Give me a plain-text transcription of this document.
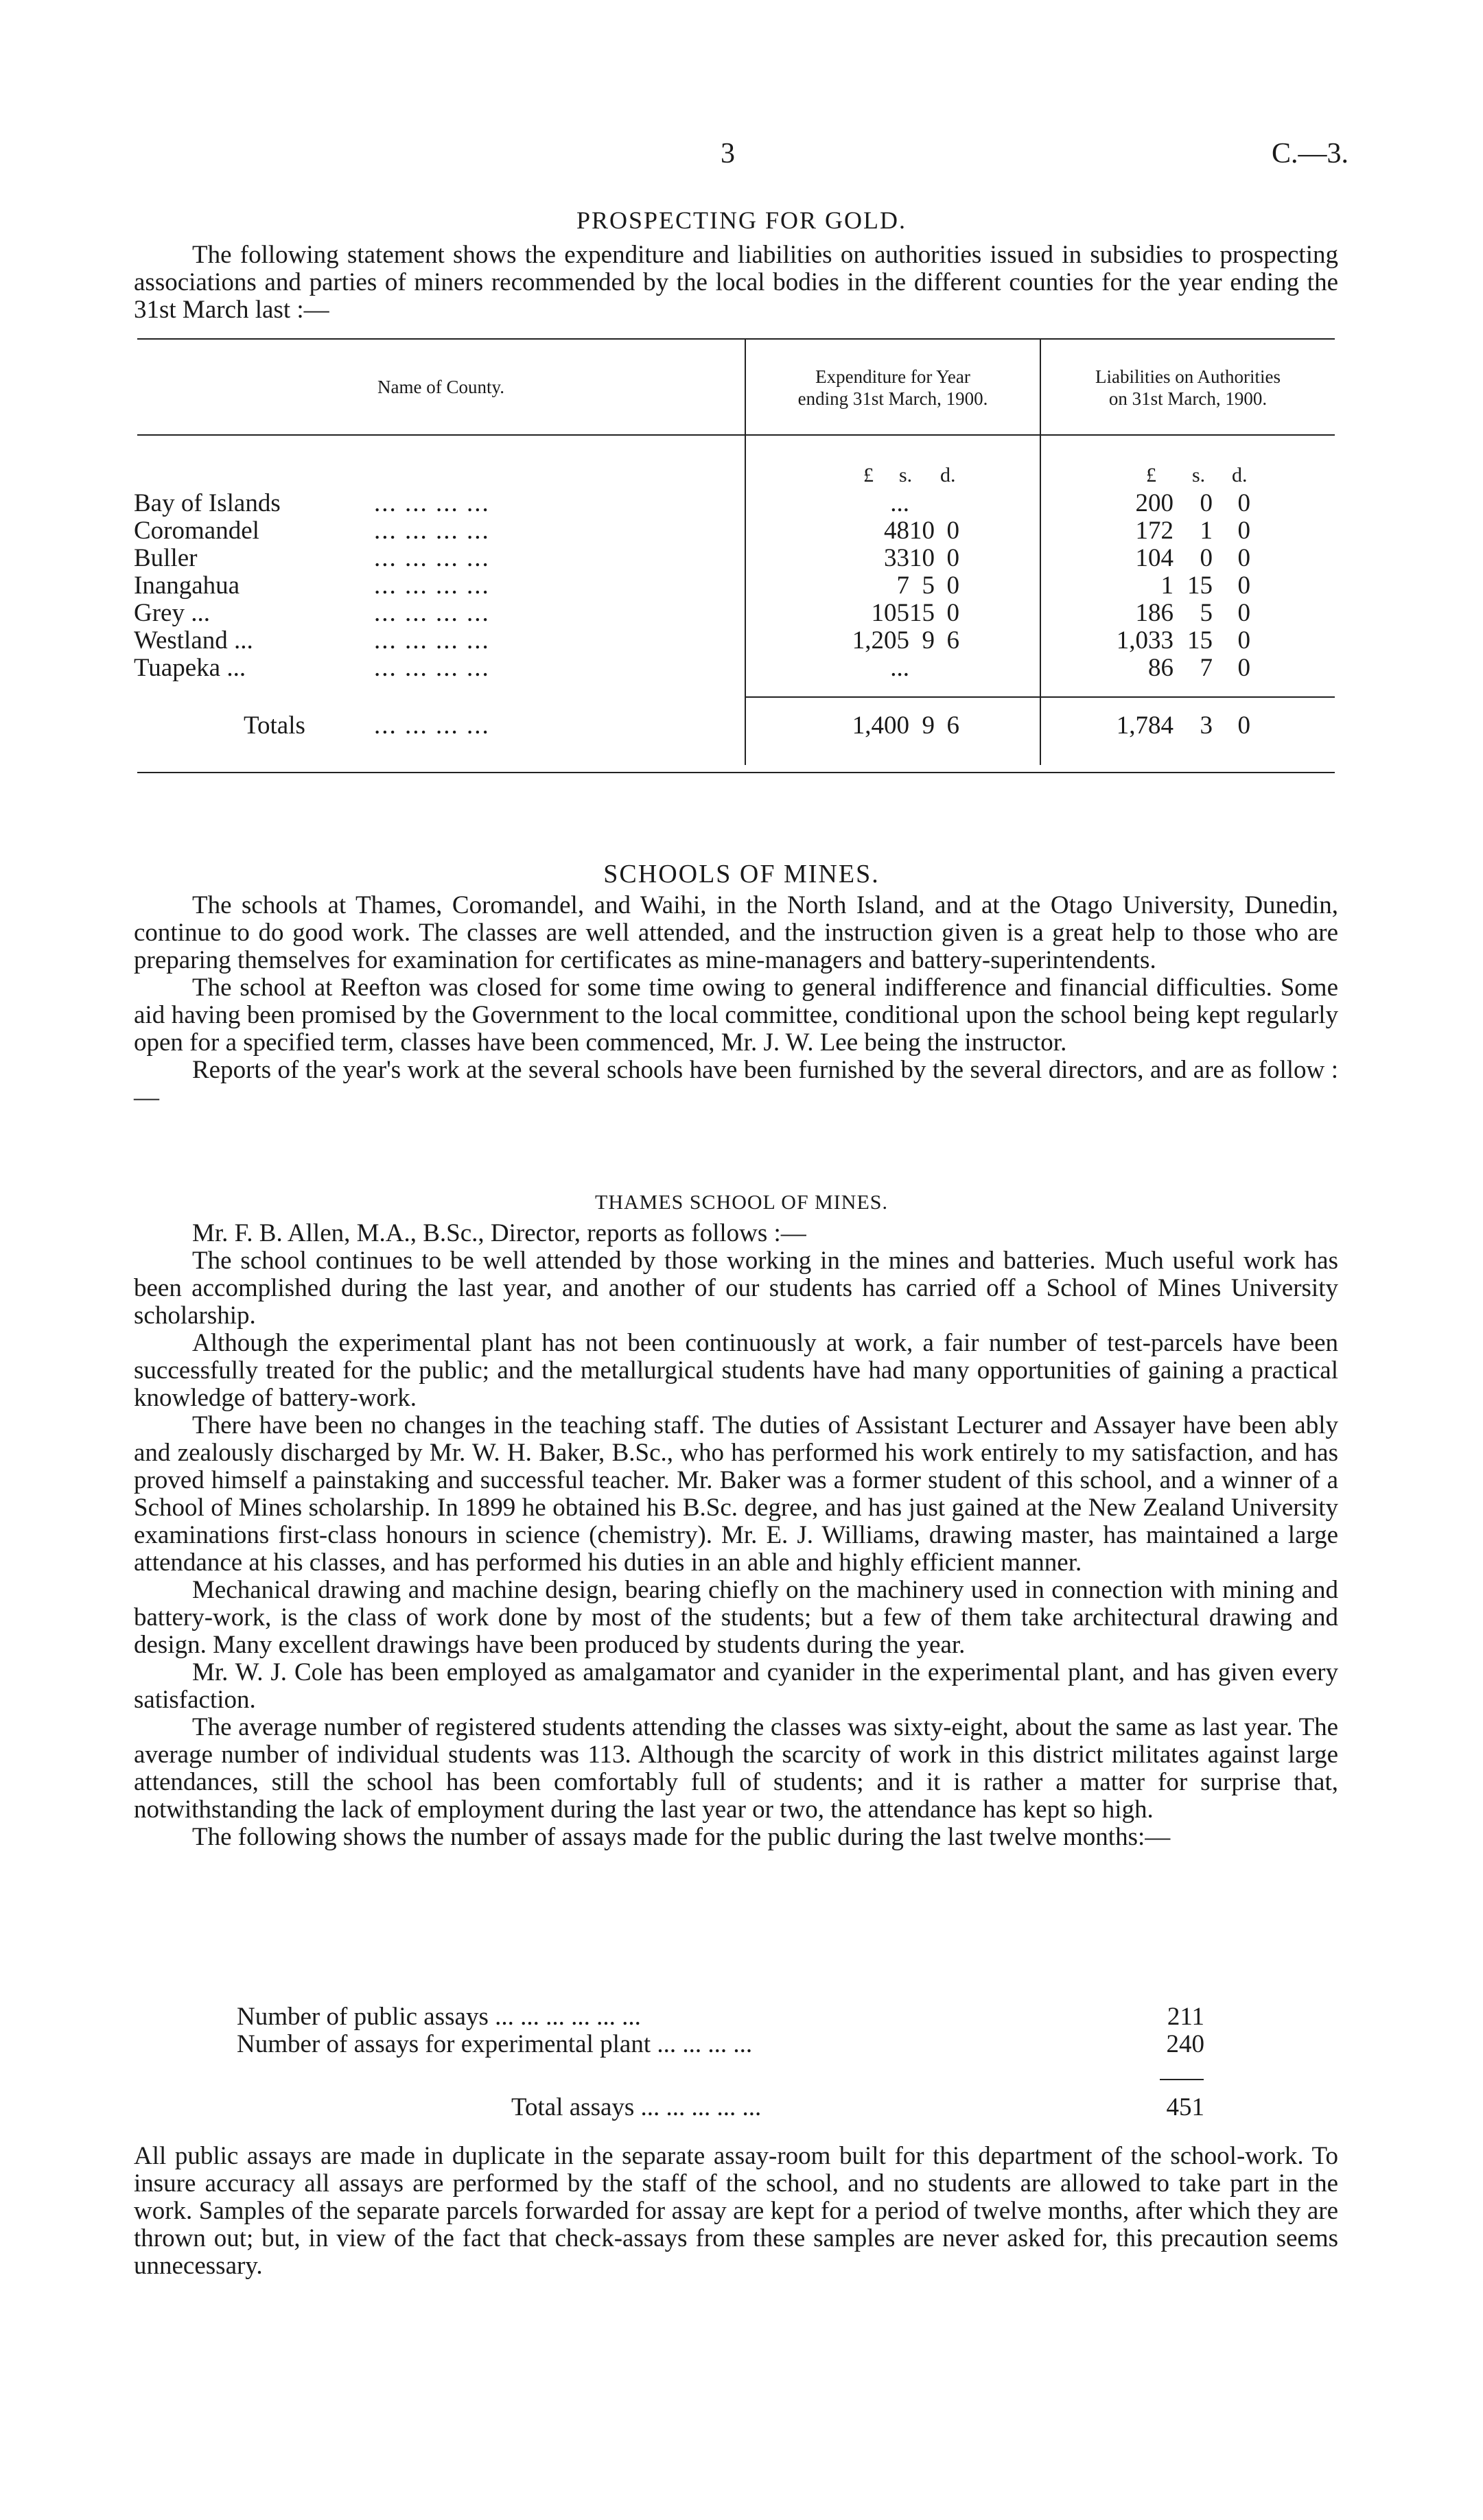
3	C.—3.
PROSPECTING FOR GOLD.

The following statement shows the expenditure and liabilities on authorities issued in subsidies to prospecting associations and parties of miners recommended by the local bodies in the different counties for the year ending the 31st March last :—

Name of County.	Expenditure for Year
ending 31st March, 1900.
Liabilities on Authorities
on 31st March, 1900.
£ s. d.	£ s. d.
Bay of Islands	... ... ... ...	...	200 0 0
Coromandel	... ... ... ...	48 10 0	172 1 0
Buller	... ... ... ...	33 10 0	104 0 0
Inangahua	... ... ... ...	7 5 0	1 15 0
Grey ...	... ... ... ...	105 15 0	186 5 0
Westland ...	... ... ... ...	1,205 9 6	1,033 15 0
Tuapeka ...	... ... ... ...	...	86 7 0
Totals	... ... ... ...	1,400 9 6	1,784 3 0
SCHOOLS OF MINES.

The schools at Thames, Coromandel, and Waihi, in the North Island, and at the Otago University, Dunedin, continue to do good work. The classes are well attended, and the instruction given is a great help to those who are preparing themselves for examination for certificates as mine-managers and battery-superintendents.

The school at Reefton was closed for some time owing to general indifference and financial difficulties. Some aid having been promised by the Government to the local committee, conditional upon the school being kept regularly open for a specified term, classes have been commenced, Mr. J. W. Lee being the instructor.

Reports of the year's work at the several schools have been furnished by the several directors, and are as follow :—

THAMES SCHOOL OF MINES.

Mr. F. B. Allen, M.A., B.Sc., Director, reports as follows :—

The school continues to be well attended by those working in the mines and batteries. Much useful work has been accomplished during the last year, and another of our students has carried off a School of Mines University scholarship.

Although the experimental plant has not been continuously at work, a fair number of test-parcels have been successfully treated for the public; and the metallurgical students have had many opportunities of gaining a practical knowledge of battery-work.

There have been no changes in the teaching staff. The duties of Assistant Lecturer and Assayer have been ably and zealously discharged by Mr. W. H. Baker, B.Sc., who has performed his work entirely to my satisfaction, and has proved himself a painstaking and successful teacher. Mr. Baker was a former student of this school, and a winner of a School of Mines scholarship. In 1899 he obtained his B.Sc. degree, and has just gained at the New Zealand University examinations first-class honours in science (chemistry). Mr. E. J. Williams, drawing master, has maintained a large attendance at his classes, and has performed his duties in an able and highly efficient manner.

Mechanical drawing and machine design, bearing chiefly on the machinery used in connection with mining and battery-work, is the class of work done by most of the students; but a few of them take architectural drawing and design. Many excellent drawings have been produced by students during the year.

Mr. W. J. Cole has been employed as amalgamator and cyanider in the experimental plant, and has given every satisfaction.

The average number of registered students attending the classes was sixty-eight, about the same as last year. The average number of individual students was 113. Although the scarcity of work in this district militates against large attendances, still the school has been comfortably full of students; and it is rather a matter for surprise that, notwithstanding the lack of employment during the last year or two, the attendance has kept so high.

The following shows the number of assays made for the public during the last twelve months:—

Number of public assays ... ... ... ... ... ...	211
Number of assays for experimental plant ... ... ... ...	240
Total assays ... ... ... ... ...	451

All public assays are made in duplicate in the separate assay-room built for this department of the school-work. To insure accuracy all assays are performed by the staff of the school, and no students are allowed to take part in the work. Samples of the separate parcels forwarded for assay are kept for a period of twelve months, after which they are thrown out; but, in view of the fact that check-assays from these samples are never asked for, this precaution seems unnecessary.
